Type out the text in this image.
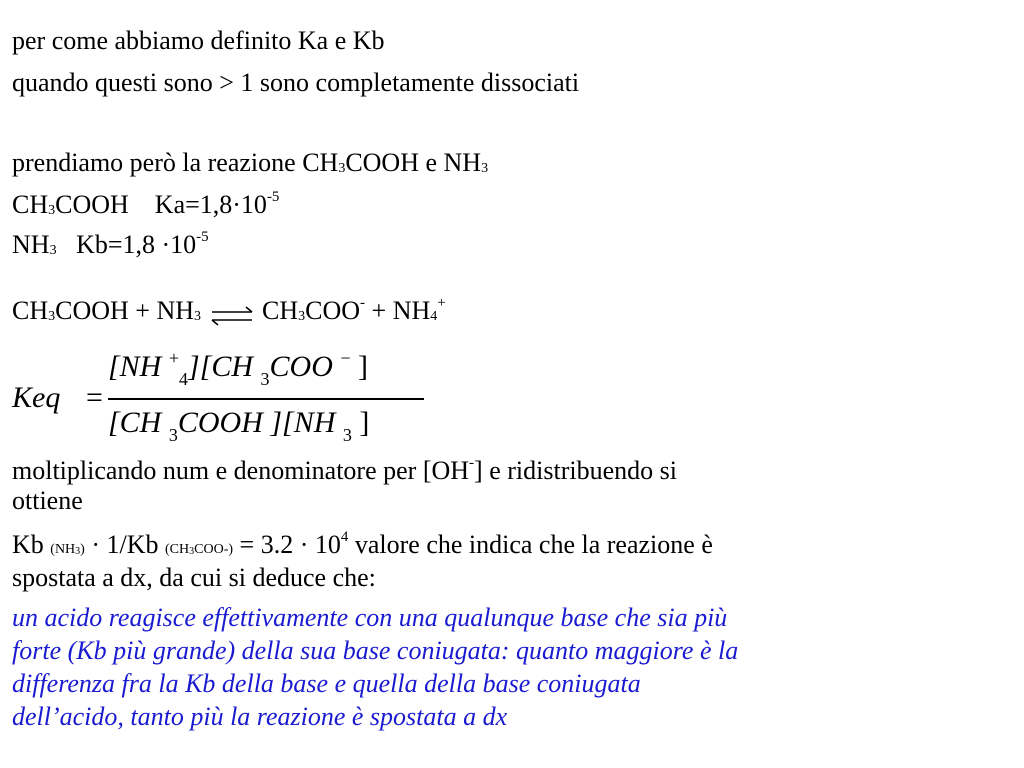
per come abbiamo definito Ka e Kb
quando questi sono > 1 sono completamente dissociati
prendiamo però la reazione CH3COOH e NH3
CH3COOH    $Ka=1,8\cdot 10^{-5}$
NH3   $Kb=1,8 \cdot 10^{-5}$
CH3COOH + NH3 ⇌ CH3COO- + NH4+
Keq =
[NH +$_4$][CH $_3$COO − ]
[CH $_3$COOH ][NH $_3$ ]
moltiplicando num e denominatore per [OH-] e ridistribuendo si
ottiene
Kb (NH3) · 1/Kb $(CH3COO-) = 3.2 \cdot 10^4$ valore che indica che la reazione è
spostata a dx, da cui si deduce che:
un acido reagisce effettivamente con una qualunque base che sia più
forte (Kb più grande) della sua base coniugata: quanto maggiore è la
differenza fra la Kb della base e quella della base coniugata
dell’acido, tanto più la reazione è spostata a dx
